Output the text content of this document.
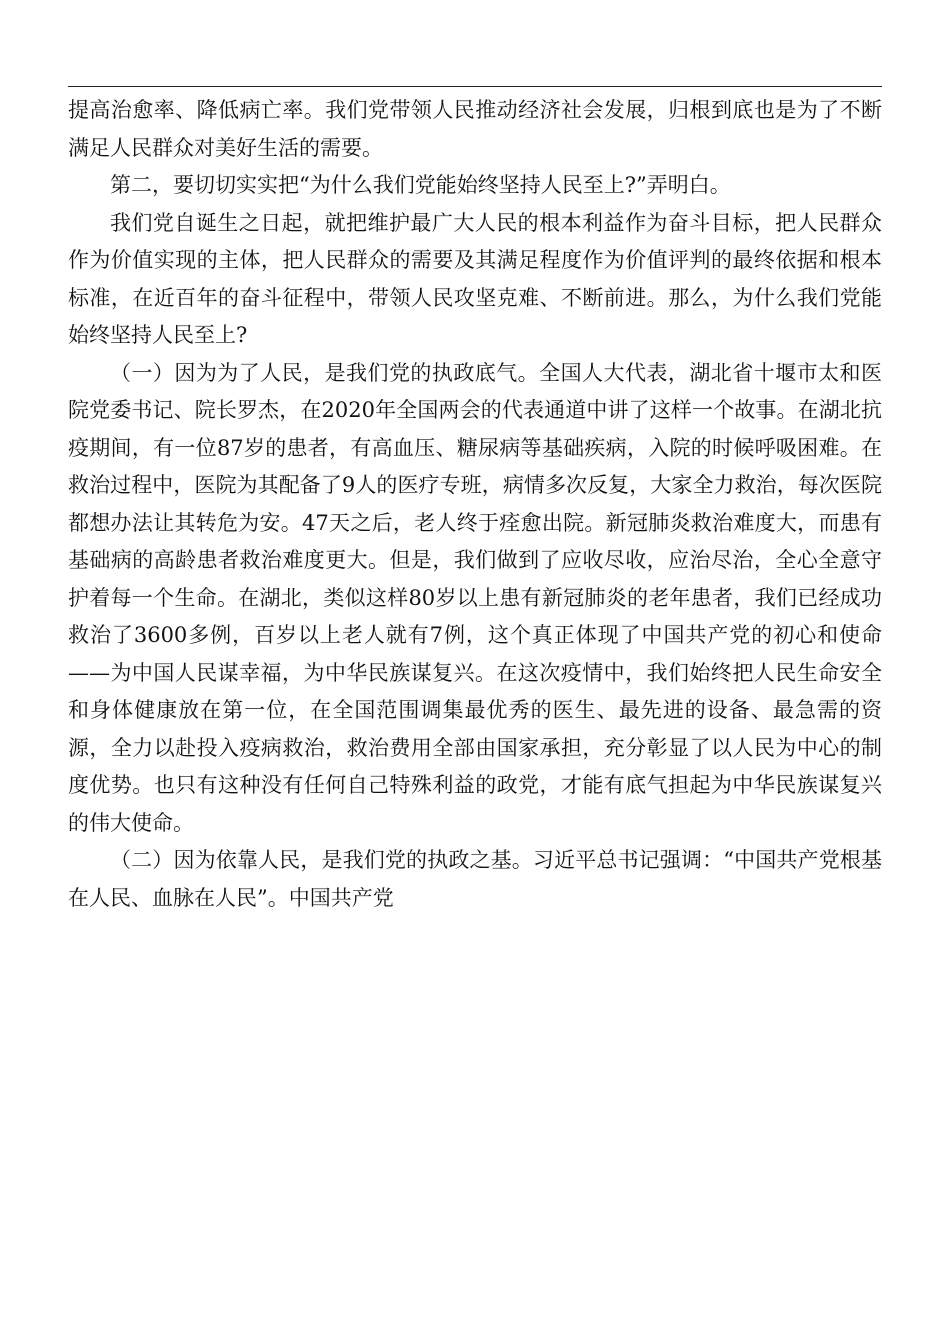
提高治愈率、降低病亡率。我们党带领人民推动经济社会发展，归根到底也是为了不断满足人民群众对美好生活的需要。

第二，要切切实实把“为什么我们党能始终坚持人民至上?”弄明白。

我们党自诞生之日起，就把维护最广大人民的根本利益作为奋斗目标，把人民群众作为价值实现的主体，把人民群众的需要及其满足程度作为价值评判的最终依据和根本标准，在近百年的奋斗征程中，带领人民攻坚克难、不断前进。那么，为什么我们党能始终坚持人民至上?

（一）因为为了人民，是我们党的执政底气。全国人大代表，湖北省十堰市太和医院党委书记、院长罗杰，在2020年全国两会的代表通道中讲了这样一个故事。在湖北抗疫期间，有一位87岁的患者，有高血压、糖尿病等基础疾病，入院的时候呼吸困难。在救治过程中，医院为其配备了9人的医疗专班，病情多次反复，大家全力救治，每次医院都想办法让其转危为安。47天之后，老人终于痊愈出院。新冠肺炎救治难度大，而患有基础病的高龄患者救治难度更大。但是，我们做到了应收尽收，应治尽治，全心全意守护着每一个生命。在湖北，类似这样80岁以上患有新冠肺炎的老年患者，我们已经成功救治了3600多例，百岁以上老人就有7例，这个真正体现了中国共产党的初心和使命——为中国人民谋幸福，为中华民族谋复兴。在这次疫情中，我们始终把人民生命安全和身体健康放在第一位，在全国范围调集最优秀的医生、最先进的设备、最急需的资源，全力以赴投入疫病救治，救治费用全部由国家承担，充分彰显了以人民为中心的制度优势。也只有这种没有任何自己特殊利益的政党，才能有底气担起为中华民族谋复兴的伟大使命。

（二）因为依靠人民，是我们党的执政之基。习近平总书记强调：“中国共产党根基在人民、血脉在人民”。中国共产党
